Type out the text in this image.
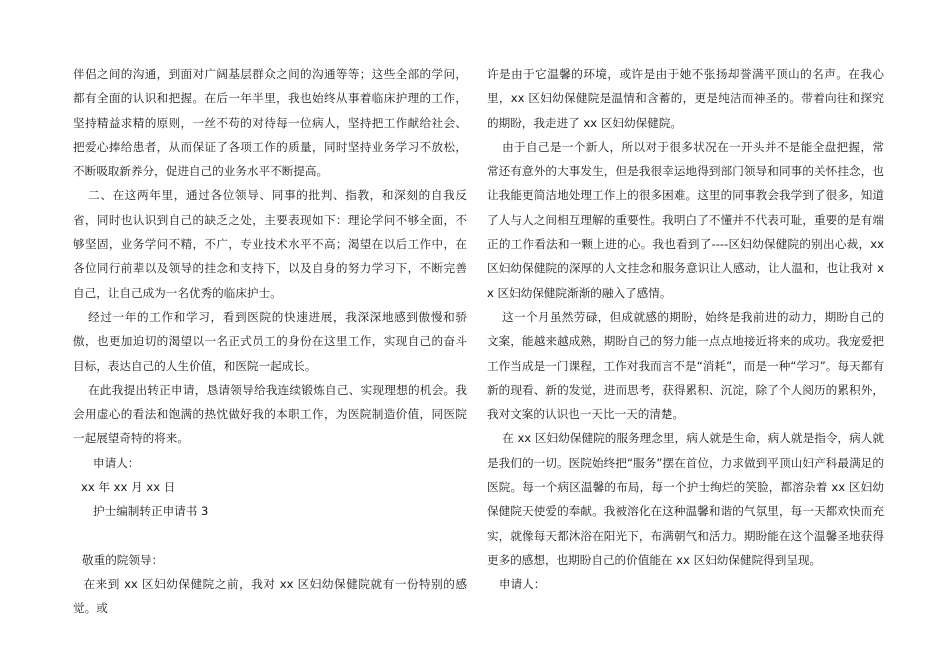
伴侣之间的沟通，到面对广阔基层群众之间的沟通等等；这些全部的学问，都有全面的认识和把握。在后一年半里，我也始终从事着临床护理的工作，坚持精益求精的原则，一丝不苟的对待每一位病人，坚持把工作献给社会、把爱心捧给患者，从而保证了各项工作的质量，同时坚持业务学习不放松，不断吸取新养分，促进自己的业务水平不断提高。

二、在这两年里，通过各位领导、同事的批判、指教，和深刻的自我反省，同时也认识到自己的缺乏之处，主要表现如下：理论学问不够全面，不够坚固，业务学问不精，不广，专业技术水平不高；渴望在以后工作中，在各位同行前辈以及领导的挂念和支持下，以及自身的努力学习下，不断完善自己，让自己成为一名优秀的临床护士。

经过一年的工作和学习，看到医院的快速进展，我深深地感到傲慢和骄傲，也更加迫切的渴望以一名正式员工的身份在这里工作，实现自己的奋斗目标，表达自己的人生价值，和医院一起成长。

在此我提出转正申请，恳请领导给我连续锻炼自己、实现理想的机会。我会用虚心的看法和饱满的热忱做好我的本职工作，为医院制造价值，同医院一起展望奇特的将来。

申请人：

xx 年 xx 月 xx 日

护士编制转正申请书 3

敬重的院领导：

在来到 xx 区妇幼保健院之前，我对 xx 区妇幼保健院就有一份特别的感觉。或

许是由于它温馨的环境，或许是由于她不张扬却誉满平顶山的名声。在我心里，xx 区妇幼保健院是温情和含蓄的，更是纯洁而神圣的。带着向往和探究的期盼，我走进了 xx 区妇幼保健院。

由于自己是一个新人，所以对于很多状况在一开头并不是能全盘把握，常常还有意外的大事发生，但是我很幸运地得到部门领导和同事的关怀挂念，也让我能更简洁地处理工作上的很多困难。这里的同事教会我学到了很多，知道了人与人之间相互理解的重要性。我明白了不懂并不代表可耻，重要的是有端正的工作看法和一颗上进的心。我也看到了----区妇幼保健院的别出心裁，xx 区妇幼保健院的深厚的人文挂念和服务意识让人感动，让人温和，也让我对 xx 区妇幼保健院渐渐的融入了感情。

这一个月虽然劳碌，但成就感的期盼，始终是我前进的动力，期盼自己的文案，能越来越成熟，期盼自己的努力能一点点地接近将来的成功。我宠爱把工作当成是一门课程，工作对我而言不是“消耗”，而是一种“学习”。每天都有新的现看、新的发觉，进而思考，获得累积、沉淀，除了个人阅历的累积外，我对文案的认识也一天比一天的清楚。

在 xx 区妇幼保健院的服务理念里，病人就是生命，病人就是指令，病人就是我们的一切。医院始终把“服务”摆在首位，力求做到平顶山妇产科最满足的医院。每一个病区温馨的布局，每一个护士绚烂的笑脸，都溶杂着 xx 区妇幼保健院天使爱的奉献。我被溶化在这种温馨和谐的气氛里，每一天都欢快而充实，就像每天都沐浴在阳光下，布满朝气和活力。期盼能在这个温馨圣地获得更多的感想，也期盼自己的价值能在 xx 区妇幼保健院得到呈现。

申请人：
